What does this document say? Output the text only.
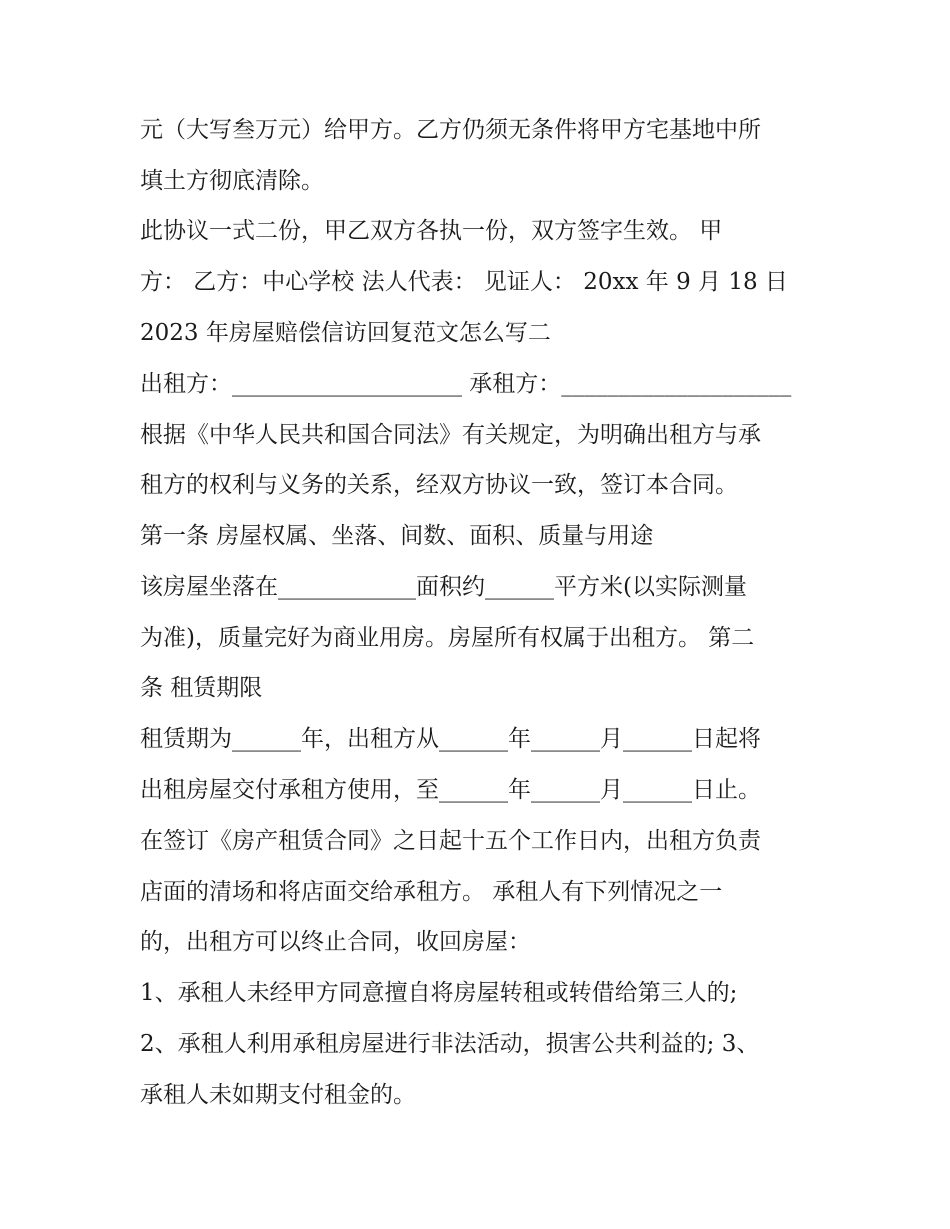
元（大写叁万元）给甲方。乙方仍须无条件将甲方宅基地中所
填土方彻底清除。
此协议一式二份，甲乙双方各执一份，双方签字生效。 甲
方： 乙方：中心学校 法人代表： 见证人： 20xx 年 9 月 18 日
2023 年房屋赔偿信访回复范文怎么写二
出租方：____________________ 承租方：____________________
根据《中华人民共和国合同法》有关规定，为明确出租方与承
租方的权利与义务的关系，经双方协议一致，签订本合同。
第一条 房屋权属、坐落、间数、面积、质量与用途
该房屋坐落在____________面积约______平方米(以实际测量
为准)，质量完好为商业用房。房屋所有权属于出租方。 第二
条 租赁期限
租赁期为______年，出租方从______年______月______日起将
出租房屋交付承租方使用，至______年______月______日止。
在签订《房产租赁合同》之日起十五个工作日内，出租方负责
店面的清场和将店面交给承租方。 承租人有下列情况之一
的，出租方可以终止合同，收回房屋：
1、承租人未经甲方同意擅自将房屋转租或转借给第三人的;
2、承租人利用承租房屋进行非法活动，损害公共利益的; 3、
承租人未如期支付租金的。
